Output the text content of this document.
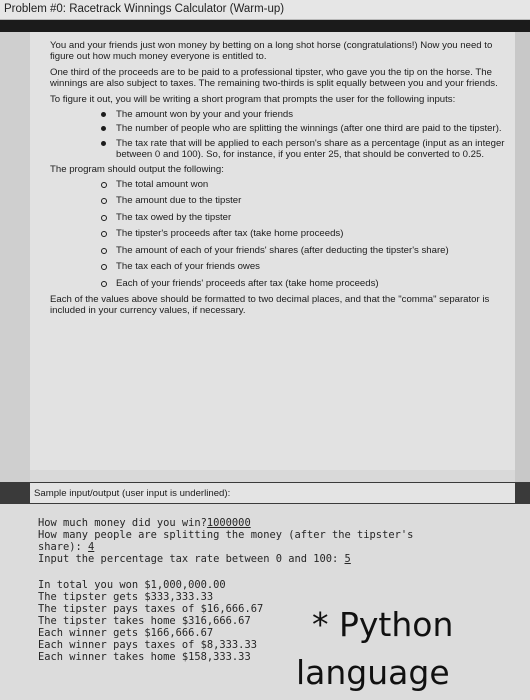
Problem #0: Racetrack Winnings Calculator (Warm-up)

You and your friends just won money by betting on a long shot horse (congratulations!) Now you need to figure out how much money everyone is entitled to.

One third of the proceeds are to be paid to a professional tipster, who gave you the tip on the horse. The winnings are also subject to taxes. The remaining two-thirds is split equally between you and your friends.

To figure it out, you will be writing a short program that prompts the user for the following inputs:

The amount won by your and your friends
The number of people who are splitting the winnings (after one third are paid to the tipster).
The tax rate that will be applied to each person's share as a percentage (input as an integer between 0 and 100). So, for instance, if you enter 25, that should be converted to 0.25.

The program should output the following:

The total amount won
The amount due to the tipster
The tax owed by the tipster
The tipster's proceeds after tax (take home proceeds)
The amount of each of your friends' shares (after deducting the tipster's share)
The tax each of your friends owes
Each of your friends' proceeds after tax (take home proceeds)

Each of the values above should be formatted to two decimal places, and that the "comma" separator is included in your currency values, if necessary.

Sample input/output (user input is underlined):
How much money did you win?1000000
How many people are splitting the money (after the tipster's
share): 4
Input the percentage tax rate between 0 and 100: 5
In total you won $1,000,000.00
The tipster gets $333,333.33
The tipster pays taxes of $16,666.67
The tipster takes home $316,666.67
Each winner gets $166,666.67
Each winner pays taxes of $8,333.33
Each winner takes home $158,333.33
* Python
language
